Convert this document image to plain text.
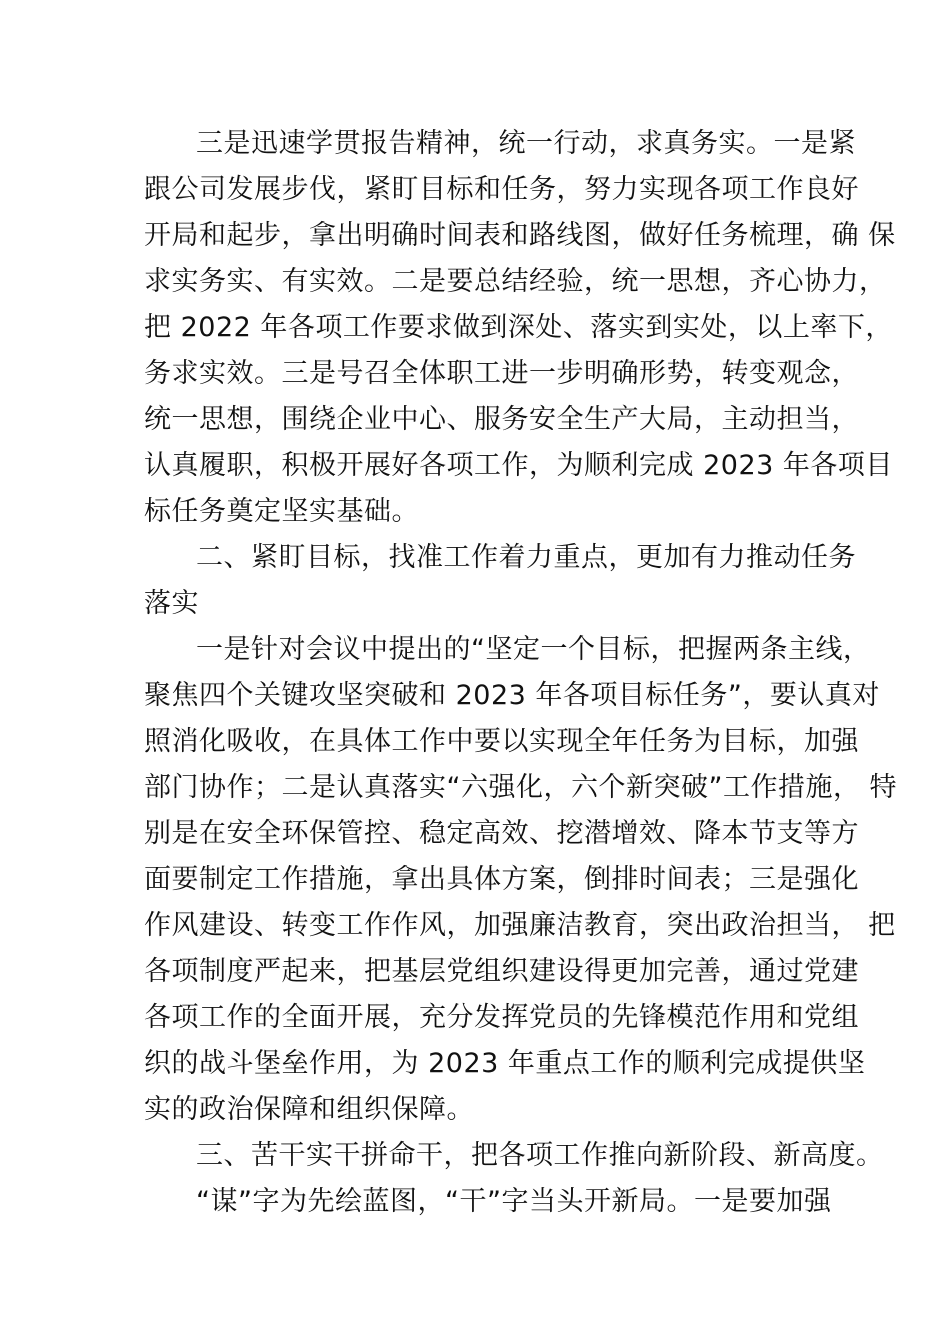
三是迅速学贯报告精神，统一行动，求真务实。一是紧
跟公司发展步伐，紧盯目标和任务，努力实现各项工作良好
开局和起步，拿出明确时间表和路线图，做好任务梳理，确 保
求实务实、有实效。二是要总结经验，统一思想，齐心协力，
把 2022 年各项工作要求做到深处、落实到实处，以上率下，
务求实效。三是号召全体职工进一步明确形势，转变观念，
统一思想，围绕企业中心、服务安全生产大局，主动担当，
认真履职，积极开展好各项工作，为顺利完成 2023 年各项目
标任务奠定坚实基础。
二、紧盯目标，找准工作着力重点，更加有力推动任务
落实
一是针对会议中提出的“坚定一个目标，把握两条主线，
聚焦四个关键攻坚突破和 2023 年各项目标任务”，要认真对
照消化吸收，在具体工作中要以实现全年任务为目标，加强
部门协作；二是认真落实“六强化，六个新突破”工作措施， 特
别是在安全环保管控、稳定高效、挖潜增效、降本节支等方
面要制定工作措施，拿出具体方案，倒排时间表；三是强化
作风建设、转变工作作风，加强廉洁教育，突出政治担当， 把
各项制度严起来，把基层党组织建设得更加完善，通过党建
各项工作的全面开展，充分发挥党员的先锋模范作用和党组
织的战斗堡垒作用，为 2023 年重点工作的顺利完成提供坚
实的政治保障和组织保障。
三、苦干实干拼命干，把各项工作推向新阶段、新高度。
“谋”字为先绘蓝图，“干”字当头开新局。一是要加强
